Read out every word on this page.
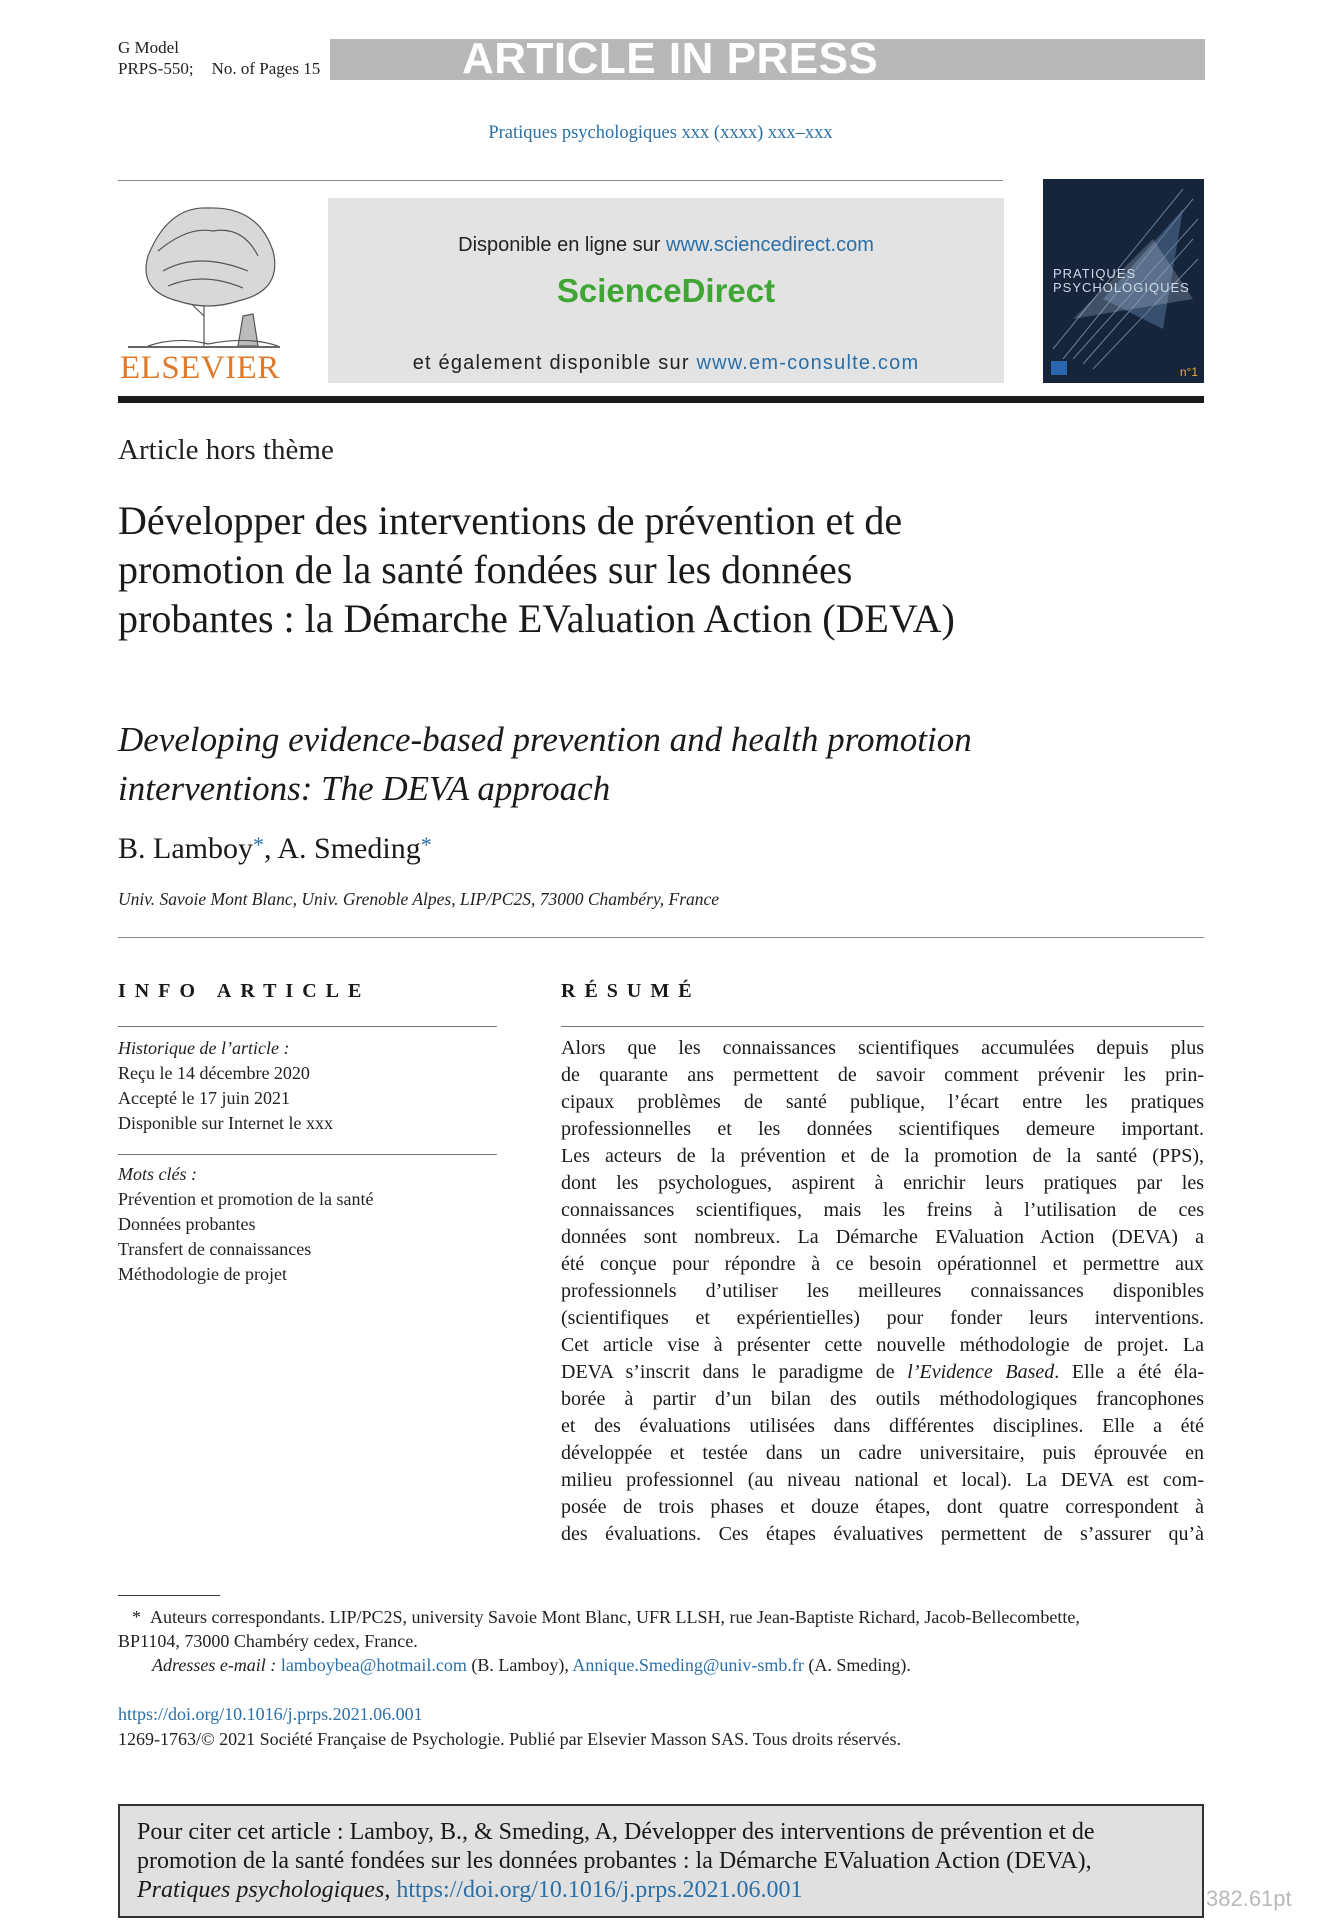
G Model
PRPS-550; No. of Pages 15	ARTICLE IN PRESS
Pratiques psychologiques xxx (xxxx) xxx–xxx
ELSEVIER
Disponible en ligne sur www.sciencedirect.com
ScienceDirect
et également disponible sur www.em-consulte.com
PRATIQUES
PSYCHOLOGIQUES
n°1
Article hors thème
Développer des interventions de prévention et de promotion de la santé fondées sur les données probantes : la Démarche EValuation Action (DEVA)
Developing evidence-based prevention and health promotion interventions: The DEVA approach
B. Lamboy*, A. Smeding*
Univ. Savoie Mont Blanc, Univ. Grenoble Alpes, LIP/PC2S, 73000 Chambéry, France
INFO ARTICLE	RÉSUMÉ
Historique de l’article :
Reçu le 14 décembre 2020
Accepté le 17 juin 2021
Disponible sur Internet le xxx
Mots clés :
Prévention et promotion de la santé
Données probantes
Transfert de connaissances
Méthodologie de projet
Alors que les connaissances scientifiques accumulées depuis plus
de quarante ans permettent de savoir comment prévenir les prin-
cipaux problèmes de santé publique, l’écart entre les pratiques
professionnelles et les données scientifiques demeure important.
Les acteurs de la prévention et de la promotion de la santé (PPS),
dont les psychologues, aspirent à enrichir leurs pratiques par les
connaissances scientifiques, mais les freins à l’utilisation de ces
données sont nombreux. La Démarche EValuation Action (DEVA) a
été conçue pour répondre à ce besoin opérationnel et permettre aux
professionnels d’utiliser les meilleures connaissances disponibles
(scientifiques et expérientielles) pour fonder leurs interventions.
Cet article vise à présenter cette nouvelle méthodologie de projet. La
DEVA s’inscrit dans le paradigme de l’Evidence Based. Elle a été éla-
borée à partir d’un bilan des outils méthodologiques francophones
et des évaluations utilisées dans différentes disciplines. Elle a été
développée et testée dans un cadre universitaire, puis éprouvée en
milieu professionnel (au niveau national et local). La DEVA est com-
posée de trois phases et douze étapes, dont quatre correspondent à
des évaluations. Ces étapes évaluatives permettent de s’assurer qu’à
* Auteurs correspondants. LIP/PC2S, university Savoie Mont Blanc, UFR LLSH, rue Jean-Baptiste Richard, Jacob-Bellecombette,
BP1104, 73000 Chambéry cedex, France.
Adresses e-mail : lamboybea@hotmail.com (B. Lamboy), Annique.Smeding@univ-smb.fr (A. Smeding).
https://doi.org/10.1016/j.prps.2021.06.001
1269-1763/© 2021 Société Française de Psychologie. Publié par Elsevier Masson SAS. Tous droits réservés.
Pour citer cet article : Lamboy, B., & Smeding, A, Développer des interventions de prévention et de promotion de la santé fondées sur les données probantes : la Démarche EValuation Action (DEVA), Pratiques psychologiques, https://doi.org/10.1016/j.prps.2021.06.001	382.61pt
